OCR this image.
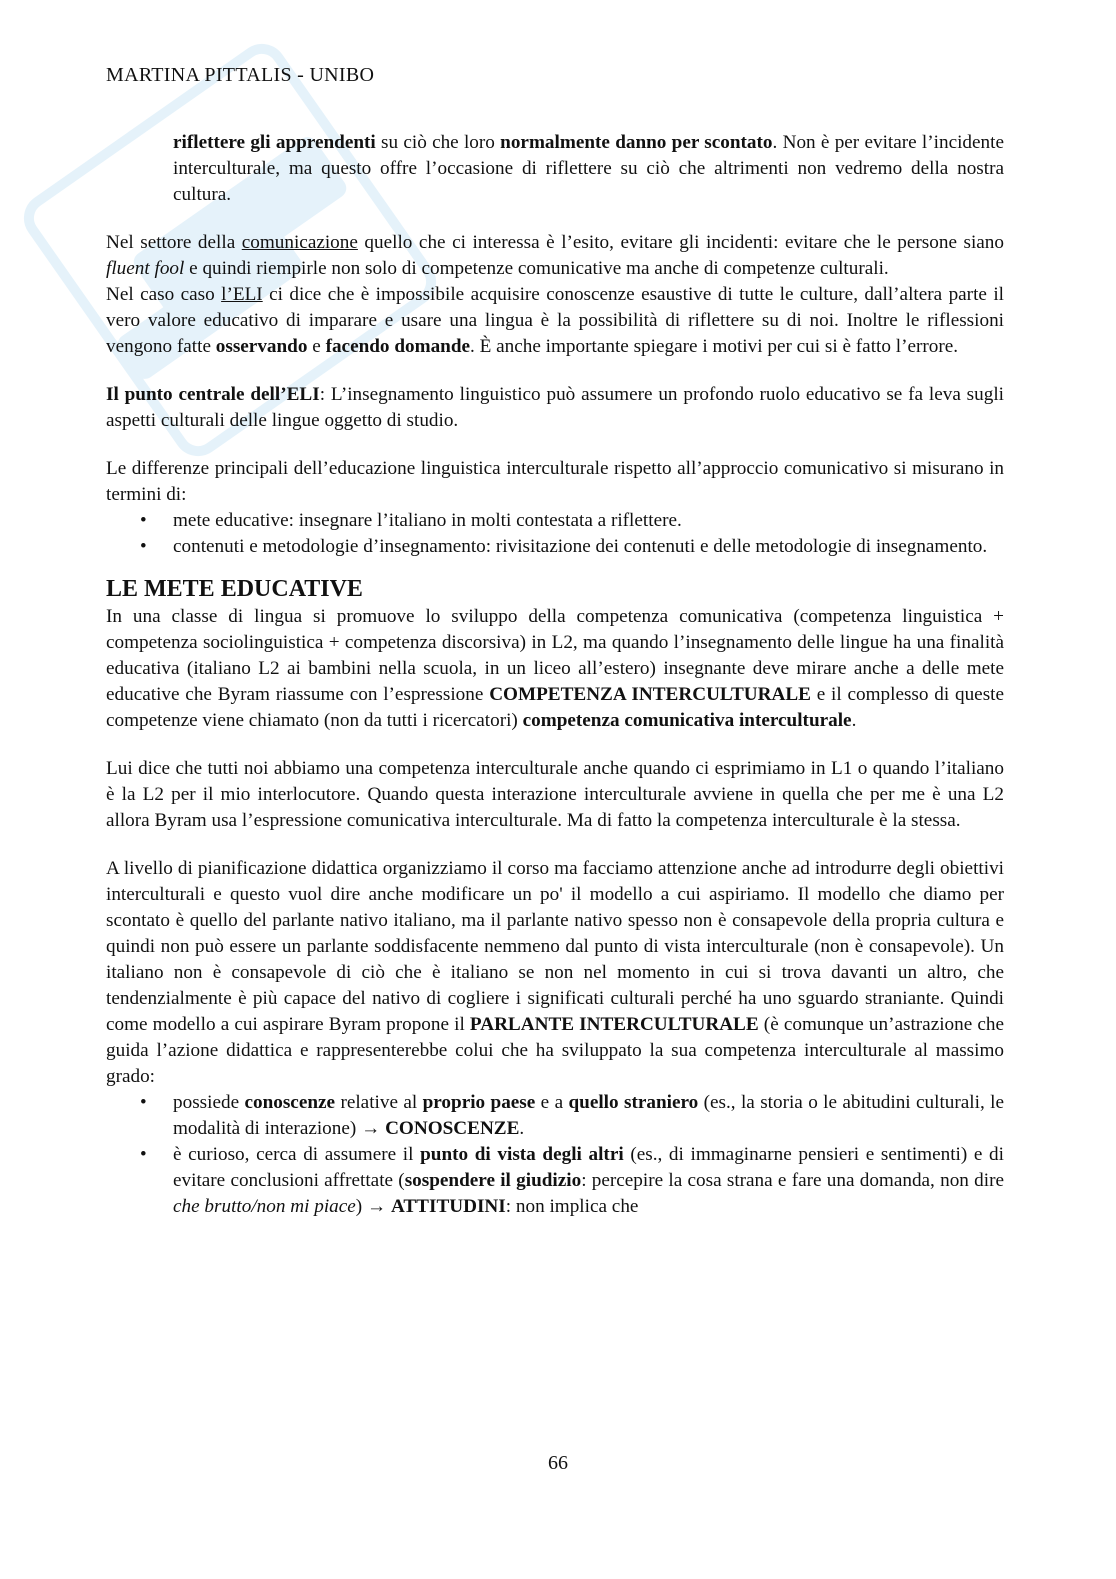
MARTINA PITTALIS - UNIBO

riflettere gli apprendenti su ciò che loro normalmente danno per scontato. Non è per evitare l’incidente interculturale, ma questo offre l’occasione di riflettere su ciò che altrimenti non vedremo della nostra cultura.

Nel settore della comunicazione quello che ci interessa è l’esito, evitare gli incidenti: evitare che le persone siano fluent fool e quindi riempirle non solo di competenze comunicative ma anche di competenze culturali.

Nel caso caso l’ELI ci dice che è impossibile acquisire conoscenze esaustive di tutte le culture, dall’altera parte il vero valore educativo di imparare e usare una lingua è la possibilità di riflettere su di noi. Inoltre le riflessioni vengono fatte osservando e facendo domande. È anche importante spiegare i motivi per cui si è fatto l’errore.

Il punto centrale dell’ELI: L’insegnamento linguistico può assumere un profondo ruolo educativo se fa leva sugli aspetti culturali delle lingue oggetto di studio.

Le differenze principali dell’educazione linguistica interculturale rispetto all’approccio comunicativo si misurano in termini di:

• mete educative: insegnare l’italiano in molti contestata a riflettere.
• contenuti e metodologie d’insegnamento: rivisitazione dei contenuti e delle metodologie di insegnamento.
LE METE EDUCATIVE

In una classe di lingua si promuove lo sviluppo della competenza comunicativa (competenza linguistica + competenza sociolinguistica + competenza discorsiva) in L2, ma quando l’insegnamento delle lingue ha una finalità educativa (italiano L2 ai bambini nella scuola, in un liceo all’estero) insegnante deve mirare anche a delle mete educative che Byram riassume con l’espressione COMPETENZA INTERCULTURALE e il complesso di queste competenze viene chiamato (non da tutti i ricercatori) competenza comunicativa interculturale.

Lui dice che tutti noi abbiamo una competenza interculturale anche quando ci esprimiamo in L1 o quando l’italiano è la L2 per il mio interlocutore. Quando questa interazione interculturale avviene in quella che per me è una L2 allora Byram usa l’espressione comunicativa interculturale. Ma di fatto la competenza interculturale è la stessa.

A livello di pianificazione didattica organizziamo il corso ma facciamo attenzione anche ad introdurre degli obiettivi interculturali e questo vuol dire anche modificare un po' il modello a cui aspiriamo. Il modello che diamo per scontato è quello del parlante nativo italiano, ma il parlante nativo spesso non è consapevole della propria cultura e quindi non può essere un parlante soddisfacente nemmeno dal punto di vista interculturale (non è consapevole). Un italiano non è consapevole di ciò che è italiano se non nel momento in cui si trova davanti un altro, che tendenzialmente è più capace del nativo di cogliere i significati culturali perché ha uno sguardo straniante. Quindi come modello a cui aspirare Byram propone il PARLANTE INTERCULTURALE (è comunque un’astrazione che guida l’azione didattica e rappresenterebbe colui che ha sviluppato la sua competenza interculturale al massimo grado:

• possiede conoscenze relative al proprio paese e a quello straniero (es., la storia o le abitudini culturali, le modalità di interazione) → CONOSCENZE.
• è curioso, cerca di assumere il punto di vista degli altri (es., di immaginarne pensieri e sentimenti) e di evitare conclusioni affrettate (sospendere il giudizio: percepire la cosa strana e fare una domanda, non dire che brutto/non mi piace) → ATTITUDINI: non implica che
66
